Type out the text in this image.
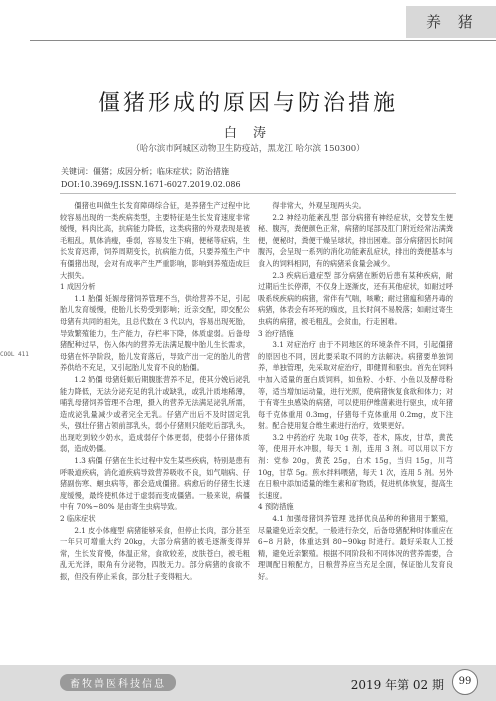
养 猪
僵猪形成的原因与防治措施
白 涛
（哈尔滨市阿城区动物卫生防疫站，黑龙江 哈尔滨 150300）
关键词：僵猪；成因分析；临床症状；防治措施
DOI:10.3969/J.ISSN.1671-6027.2019.02.086
COOL 411

僵猪也叫做生长发育障碍综合征，是养猪生产过程中比较容易出现的一类疾病类型，主要特征是生长发育速度非常缓慢，料肉比高，抗病能力降低，这类病猪的外观表现是被毛粗乱，肌体消瘦，垂弱，容易发生下痢，便秘等症病，生长发育迟滞，饲养周期变长，抗病能力低，只要养殖生产中有僵猪出现，会对有成率产生严重影响，影响到养殖造成巨大损失。

1 成因分析

1.1 胎僵 妊娠母猪饲养管理不当，供给营养不足，引起胎儿发育缓慢，使胎儿长势受到影响；近亲交配，即交配公母猪有共同的祖先，且总代数在 3 代以内，容易出现死胎，导致繁殖能力，生产能力，存栏率下降，体质虚弱。后备母猪配种过早，伤入体内的营养无法满足腹中胎儿生长需求，母猪在怀孕阶段，胎儿发育落后，导致产出一定的胎儿的营养供给不充足，又引起胎儿发育不良的胎僵。

1.2 奶僵 母猪妊娠后期腹胀营养不足，使其分娩后泌乳能力降低，无法分泌充足的乳汁或缺乳，或乳汁质地稀薄，哺乳母猪饲养管理不合理，摄入的营养无法满足泌乳所需，造成泌乳量减少或者完全无乳。仔猪产出后不及时固定乳头，强壮仔猪占领前部乳头，弱小仔猪则只能吃后部乳头，出现吃到较少奶水，造成弱仔个体更弱，使弱小仔猪体质弱，造成奶僵。

1.3 病僵 仔猪在生长过程中发生某些疾病，特别是患有呼吸道疾病，消化道疾病导致营养吸收不良，如气喘病、仔猪副伤寒、蛔虫病等，都会造成僵猪。病愈后的仔猪生长速度缓慢，最终使机体过于虚弱而变成僵猪。一般来说，病僵中有 70%~80% 是由寄生虫病导致。

2 临床症状

2.1 皮小体瘦型 病猪能够采食，但停止长肉，部分甚至一年只可增重大约 20kg，大部分病猪的被毛逐渐变得异常，生长发育慢，体温正常，食欲较差，皮肤苍白，被毛粗乱无光泽，眼角有分泌物，四肢无力。部分病猪的食欲不振，但没有停止采食，部分肚子变得粗大。

得非常大，外观呈现两头尖。

2.2 神经功能紊乱型 部分病猪有神经症状，交替发生便秘、腹泻，粪便颜色正常，病猪的尾部及肛门附近经常沾满粪便，便秘时，粪便干燥呈球状，排出困难。部分病猪因长时间腹泻，会呈现一系列的消化功能紊乱症状，排出的粪便基本与食入的饲料相同，有的病猪采食量会减少。

2.3 疾病后遗症型 部分病猪在断奶后患有某种疾病，耐过期后生长停滞，不仅身上逐渐皮，还有其他症状，如耐过呼吸系统疾病的病猪，常伴有气喘，咳嗽；耐过猪瘟和猪丹毒的病猪，体表会有坏死的痂皮，且长时间不易脱落；如耐过寄生虫病的病猪，被毛粗乱，会贫血，行走困难。

3 治疗措施

3.1 对症治疗 由于不同地区的环境条件不同，引起僵猪的原因也不同，因此要采取不同的方法解决。病猪要单独饲养，单独管理，先采取对症治疗，即健胃和驱虫。首先在饲料中加入适量的蛋白质饲料，如鱼粉、小虾、小鱼以及酵母粉等，适当增加运动量，进行光照，使病猪恢复食欲和体力；对于有寄生虫感染的病猪，可以使用伊维菌素进行驱虫，成年猪每千克体重用 0.3mg，仔猪每千克体重用 0.2mg，皮下注射。配合使用复合维生素进行治疗，效果更好。

3.2 中药治疗 先取 10g 茯苓，苍术，陈皮，甘草，黄芪等，使用开水冲服，每天 1 剂，连用 3 剂。可以用以下方剂：党参 20g，黄芪 25g，白术 15g，当归 15g，川芎 10g，甘草 5g。煎水拌料喂猪，每天 1 次，连用 5 剂。另外在日粮中添加适量的维生素和矿物质，促进机体恢复，提高生长速度。

4 预防措施

4.1 加强母猪饲养管理 选择优良品种的种猪用于繁殖，尽量避免近亲交配，一般进行杂交，后备母猪配种时体重应在 6~8 月龄，体重达到 80~90kg 时进行。最好采取人工授精，避免近亲繁殖。根据不同阶段和不同体况的营养需要，合理调配日粮配方，日粮营养应当充足全面，保证胎儿发育良好。

畜牧兽医科技信息	2019 年第 02 期	99
